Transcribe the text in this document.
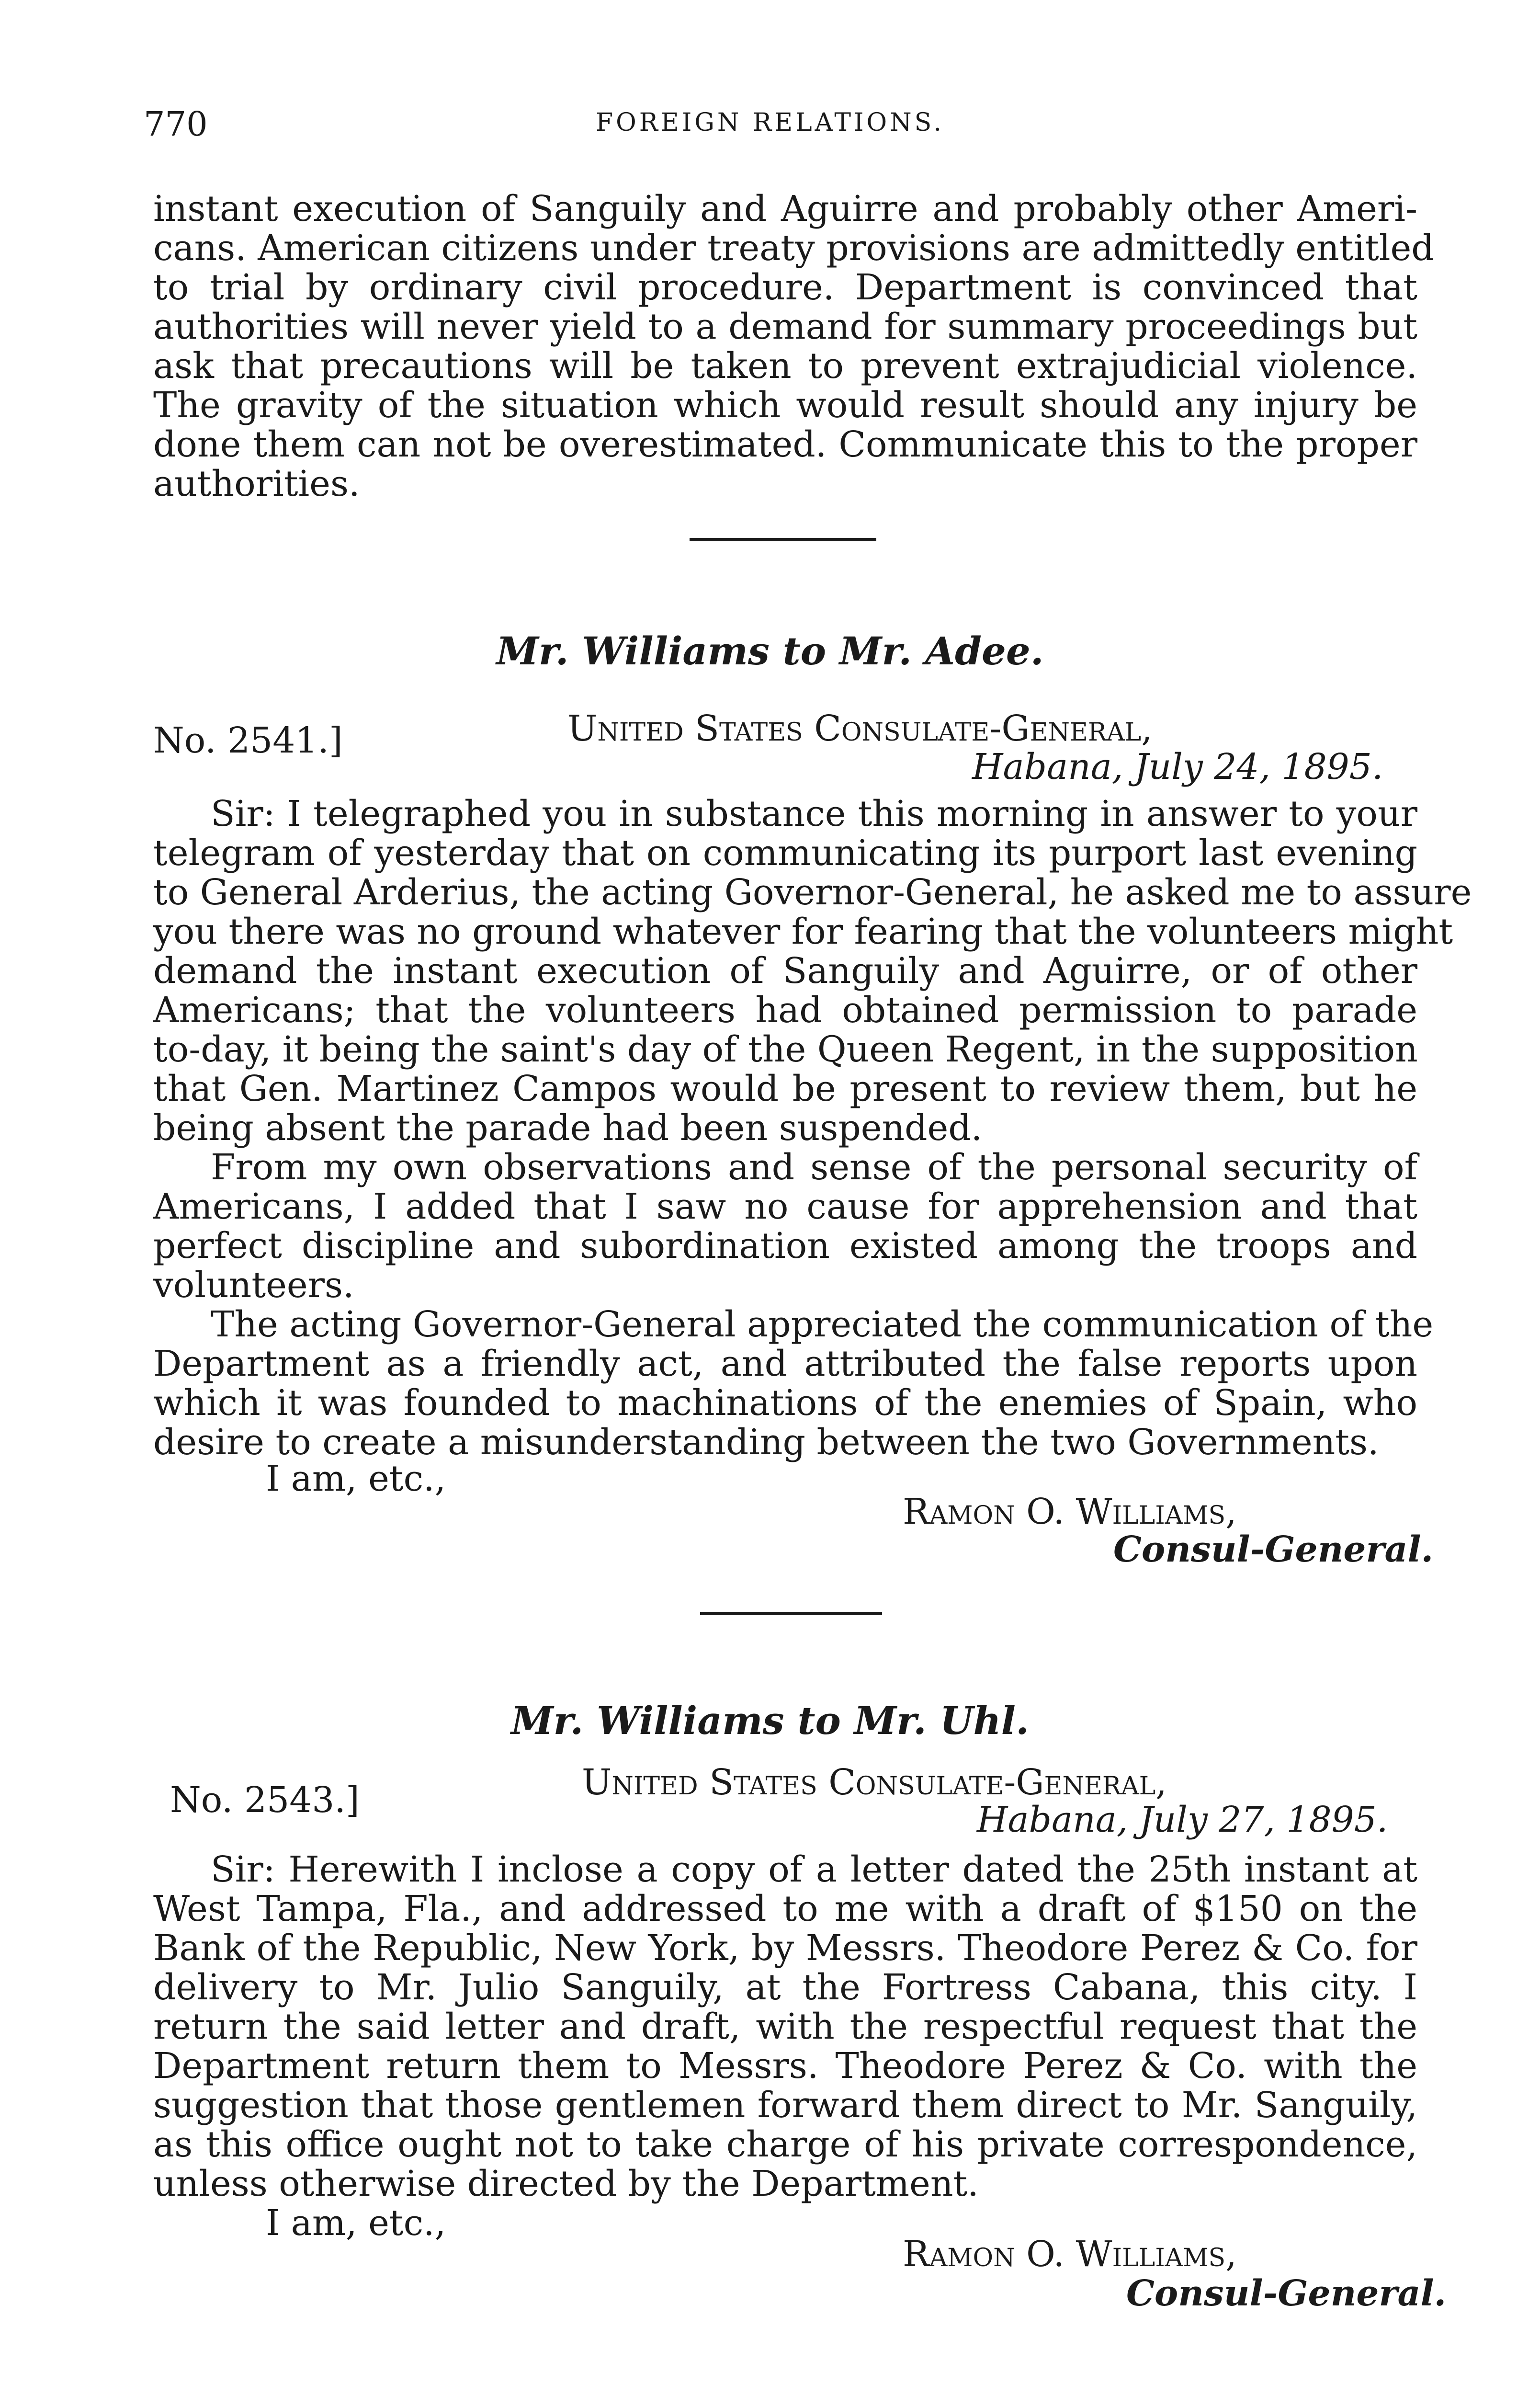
770	FOREIGN RELATIONS.
instant execution of Sanguily and Aguirre and probably other Ameri-
cans. American citizens under treaty provisions are admittedly entitled
to trial by ordinary civil procedure. Department is convinced that
authorities will never yield to a demand for summary proceedings but
ask that precautions will be taken to prevent extrajudicial violence.
The gravity of the situation which would result should any injury be
done them can not be overestimated. Communicate this to the proper
authorities.
Mr. Williams to Mr. Adee.
No. 2541.]	United States Consulate-General,
Habana, July 24, 1895.
Sir: I telegraphed you in substance this morning in answer to your
telegram of yesterday that on communicating its purport last evening
to General Arderius, the acting Governor-General, he asked me to assure
you there was no ground whatever for fearing that the volunteers might
demand the instant execution of Sanguily and Aguirre, or of other
Americans; that the volunteers had obtained permission to parade
to-day, it being the saint's day of the Queen Regent, in the supposition
that Gen. Martinez Campos would be present to review them, but he
being absent the parade had been suspended.
From my own observations and sense of the personal security of
Americans, I added that I saw no cause for apprehension and that
perfect discipline and subordination existed among the troops and
volunteers.
The acting Governor-General appreciated the communication of the
Department as a friendly act, and attributed the false reports upon
which it was founded to machinations of the enemies of Spain, who
desire to create a misunderstanding between the two Governments.
I am, etc.,
Ramon O. Williams,
Consul-General.
Mr. Williams to Mr. Uhl.
No. 2543.]	United States Consulate-General,
Habana, July 27, 1895.
Sir: Herewith I inclose a copy of a letter dated the 25th instant at
West Tampa, Fla., and addressed to me with a draft of $150 on the
Bank of the Republic, New York, by Messrs. Theodore Perez & Co. for
delivery to Mr. Julio Sanguily, at the Fortress Cabana, this city. I
return the said letter and draft, with the respectful request that the
Department return them to Messrs. Theodore Perez & Co. with the
suggestion that those gentlemen forward them direct to Mr. Sanguily,
as this office ought not to take charge of his private correspondence,
unless otherwise directed by the Department.
I am, etc.,
Ramon O. Williams,
Consul-General.
